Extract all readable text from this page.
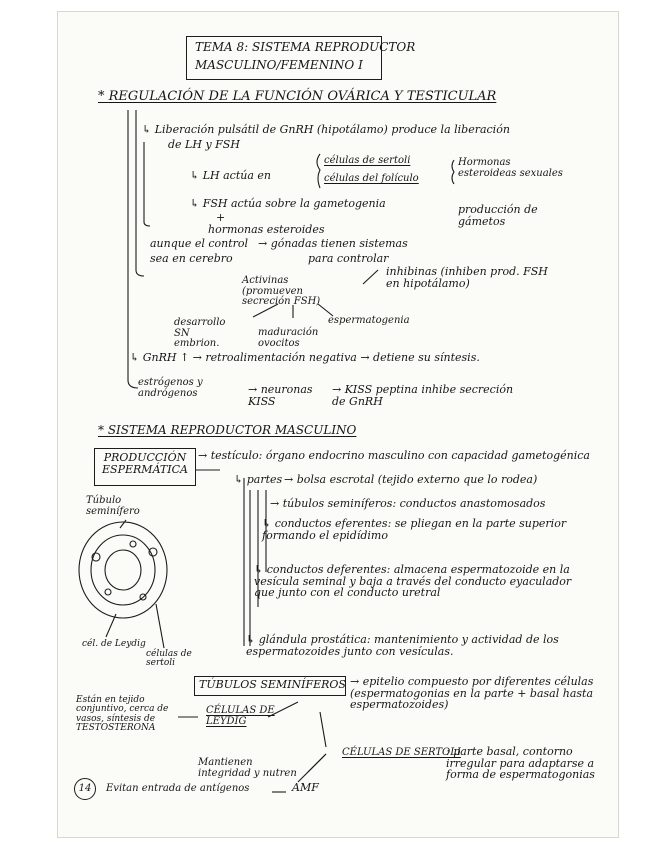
TEMA 8: SISTEMA REPRODUCTOR
MASCULINO/FEMENINO I
* REGULACIÓN DE LA FUNCIÓN OVÁRICA Y TESTICULAR
↳ Liberación pulsátil de GnRH (hipotálamo) produce la liberación
de LH y FSH
↳ LH actúa en
células de sertoli
células del folículo
Hormonas esteroideas sexuales
↳ FSH actúa sobre la gametogenia
+
hormonas esteroides
producción de gámetos
aunque el control
sea en cerebro
→ gónadas tienen sistemas
para controlar
Activinas (promueven secreción FSH)
inhibinas (inhiben prod. FSH en hipotálamo)
desarrollo SN embrion.
maduración ovocitos
espermatogenia
↳ GnRH ↑ → retroalimentación negativa → detiene su síntesis.
estrógenos y andrógenos	→ neuronas KISS
→ KISS peptina inhibe secreción de GnRH
* SISTEMA REPRODUCTOR MASCULINO
PRODUCCIÓN ESPERMÁTICA
→ testículo: órgano endocrino masculino con capacidad gametogénica
↳ partes → bolsa escrotal (tejido externo que lo rodea)
→ túbulos seminíferos: conductos anastomosados
↳ conductos eferentes: se pliegan en la parte superior formando el epidídimo
↳ conductos deferentes: almacena espermatozoide en la vesícula seminal y baja a través del conducto eyaculador que junto con el conducto uretral
↳ glándula prostática: mantenimiento y actividad de los espermatozoides junto con vesículas.
Túbulo seminífero
cél. de Leydig
células de sertoli
TÚBULOS SEMINÍFEROS → epitelio compuesto por diferentes células (espermatogonias en la parte + basal hasta espermatozoides)
CÉLULAS DE LEYDIG
Están en tejido conjuntivo, cerca de vasos, síntesis de TESTOSTERONA
CÉLULAS DE SERTOLI
: parte basal, contorno irregular para adaptarse a forma de espermatogonias
Mantienen integridad y nutren
AMF
14	Evitan entrada de antígenos
